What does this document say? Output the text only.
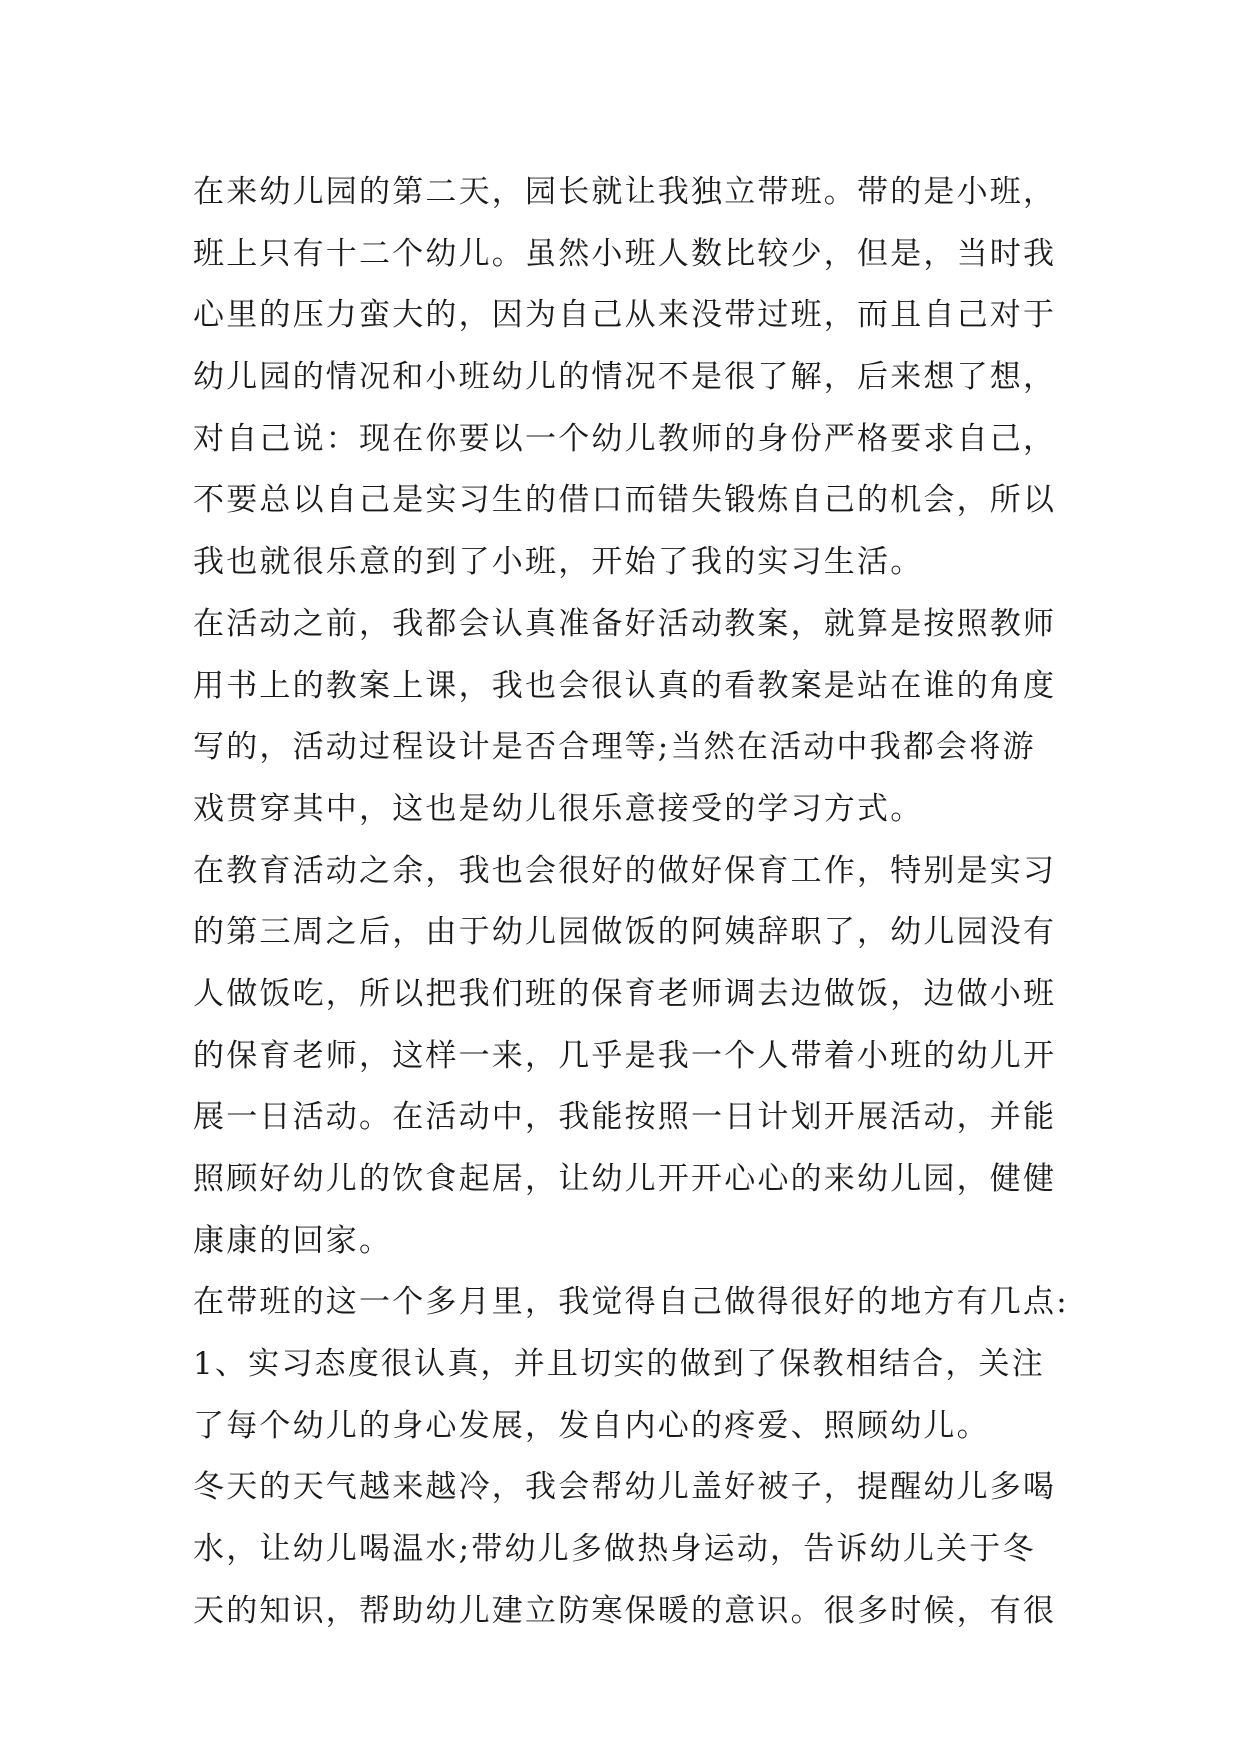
在来幼儿园的第二天，园长就让我独立带班。带的是小班，
班上只有十二个幼儿。虽然小班人数比较少，但是，当时我
心里的压力蛮大的，因为自己从来没带过班，而且自己对于
幼儿园的情况和小班幼儿的情况不是很了解，后来想了想，
对自己说：现在你要以一个幼儿教师的身份严格要求自己，
不要总以自己是实习生的借口而错失锻炼自己的机会，所以
我也就很乐意的到了小班，开始了我的实习生活。
在活动之前，我都会认真准备好活动教案，就算是按照教师
用书上的教案上课，我也会很认真的看教案是站在谁的角度
写的，活动过程设计是否合理等;当然在活动中我都会将游
戏贯穿其中，这也是幼儿很乐意接受的学习方式。
在教育活动之余，我也会很好的做好保育工作，特别是实习
的第三周之后，由于幼儿园做饭的阿姨辞职了，幼儿园没有
人做饭吃，所以把我们班的保育老师调去边做饭，边做小班
的保育老师，这样一来，几乎是我一个人带着小班的幼儿开
展一日活动。在活动中，我能按照一日计划开展活动，并能
照顾好幼儿的饮食起居，让幼儿开开心心的来幼儿园，健健
康康的回家。
在带班的这一个多月里，我觉得自己做得很好的地方有几点:
1、实习态度很认真，并且切实的做到了保教相结合，关注
了每个幼儿的身心发展，发自内心的疼爱、照顾幼儿。
冬天的天气越来越冷，我会帮幼儿盖好被子，提醒幼儿多喝
水，让幼儿喝温水;带幼儿多做热身运动，告诉幼儿关于冬
天的知识，帮助幼儿建立防寒保暖的意识。很多时候，有很
